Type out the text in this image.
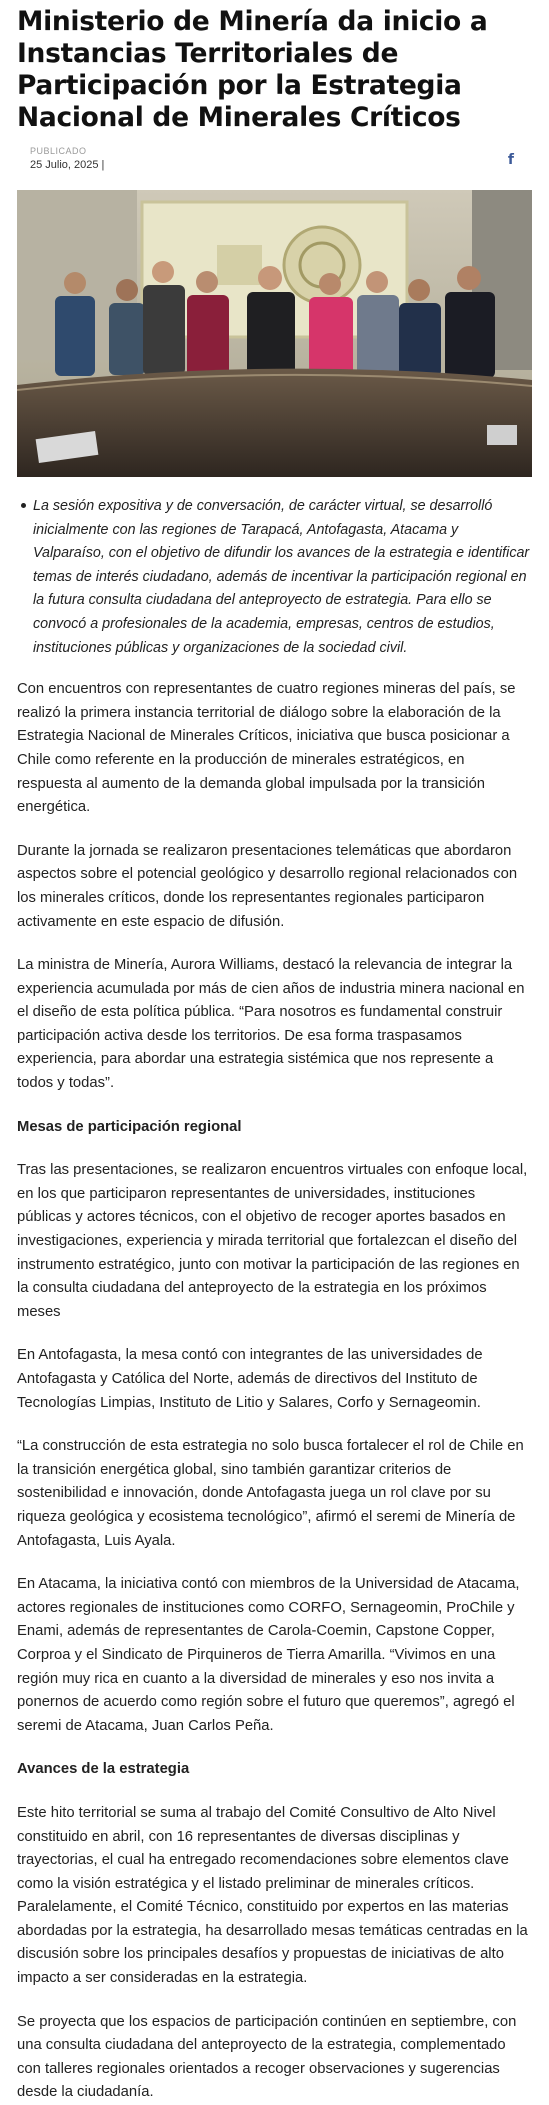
Ministerio de Minería da inicio a Instancias Territoriales de Participación por la Estrategia Nacional de Minerales Críticos
PUBLICADO
25 Julio, 2025 |	f

La sesión expositiva y de conversación, de carácter virtual, se desarrolló inicialmente con las regiones de Tarapacá, Antofagasta, Atacama y Valparaíso, con el objetivo de difundir los avances de la estrategia e identificar temas de interés ciudadano, además de incentivar la participación regional en la futura consulta ciudadana del anteproyecto de estrategia. Para ello se convocó a profesionales de la academia, empresas, centros de estudios, instituciones públicas y organizaciones de la sociedad civil.

Con encuentros con representantes de cuatro regiones mineras del país, se realizó la primera instancia territorial de diálogo sobre la elaboración de la Estrategia Nacional de Minerales Críticos, iniciativa que busca posicionar a Chile como referente en la producción de minerales estratégicos, en respuesta al aumento de la demanda global impulsada por la transición energética.

Durante la jornada se realizaron presentaciones telemáticas que abordaron aspectos sobre el potencial geológico y desarrollo regional relacionados con los minerales críticos, donde los representantes regionales participaron activamente en este espacio de difusión.

La ministra de Minería, Aurora Williams, destacó la relevancia de integrar la experiencia acumulada por más de cien años de industria minera nacional en el diseño de esta política pública. “Para nosotros es fundamental construir participación activa desde los territorios. De esa forma traspasamos experiencia, para abordar una estrategia sistémica que nos represente a todos y todas”.

Mesas de participación regional

Tras las presentaciones, se realizaron encuentros virtuales con enfoque local, en los que participaron representantes de universidades, instituciones públicas y actores técnicos, con el objetivo de recoger aportes basados en investigaciones, experiencia y mirada territorial que fortalezcan el diseño del instrumento estratégico, junto con motivar la participación de las regiones en la consulta ciudadana del anteproyecto de la estrategia en los próximos meses

En Antofagasta, la mesa contó con integrantes de las universidades de Antofagasta y Católica del Norte, además de directivos del Instituto de Tecnologías Limpias, Instituto de Litio y Salares, Corfo y Sernageomin.

“La construcción de esta estrategia no solo busca fortalecer el rol de Chile en la transición energética global, sino también garantizar criterios de sostenibilidad e innovación, donde Antofagasta juega un rol clave por su riqueza geológica y ecosistema tecnológico”, afirmó el seremi de Minería de Antofagasta, Luis Ayala.

En Atacama, la iniciativa contó con miembros de la Universidad de Atacama, actores regionales de instituciones como CORFO, Sernageomin, ProChile y Enami, además de representantes de Carola-Coemin, Capstone Copper, Corproa y el Sindicato de Pirquineros de Tierra Amarilla. “Vivimos en una región muy rica en cuanto a la diversidad de minerales y eso nos invita a ponernos de acuerdo como región sobre el futuro que queremos”, agregó el seremi de Atacama, Juan Carlos Peña.

Avances de la estrategia

Este hito territorial se suma al trabajo del Comité Consultivo de Alto Nivel constituido en abril, con 16 representantes de diversas disciplinas y trayectorias, el cual ha entregado recomendaciones sobre elementos clave como la visión estratégica y el listado preliminar de minerales críticos. Paralelamente, el Comité Técnico, constituido por expertos en las materias abordadas por la estrategia, ha desarrollado mesas temáticas centradas en la discusión sobre los principales desafíos y propuestas de iniciativas de alto impacto a ser consideradas en la estrategia.

Se proyecta que los espacios de participación continúen en septiembre, con una consulta ciudadana del anteproyecto de la estrategia, complementado con talleres regionales orientados a recoger observaciones y sugerencias desde la ciudadanía.
